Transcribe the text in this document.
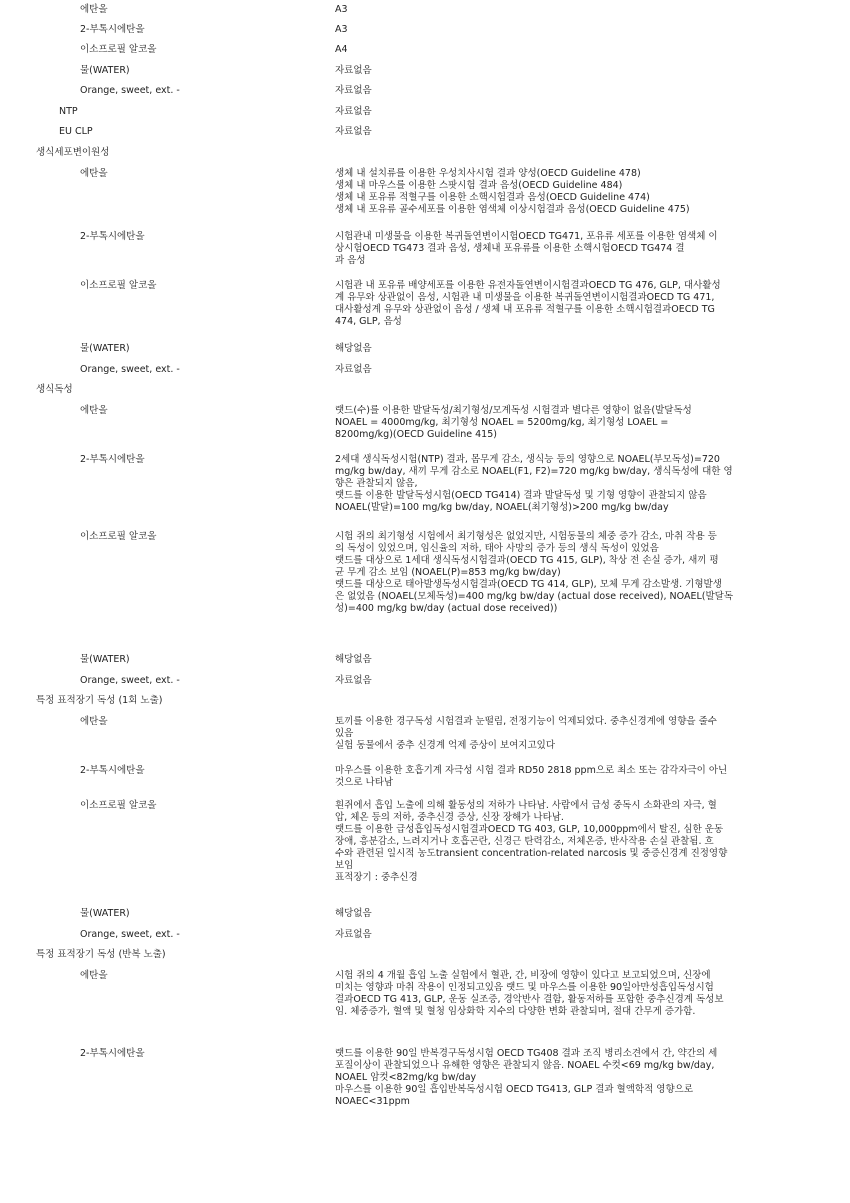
에탄올	A3
2-부톡시에탄올	A3
이소프로필 알코올	A4
물(WATER)	자료없음
Orange, sweet, ext. -	자료없음
NTP	자료없음
EU CLP	자료없음
생식세포변이원성
에탄올	생체 내 설치류를 이용한 우성치사시험 결과 양성(OECD Guideline 478)
생체 내 마우스를 이용한 스팟시험 결과 음성(OECD Guideline 484)
생체 내 포유류 적혈구를 이용한 소핵시험결과 음성(OECD Guideline 474)
생체 내 포유류 골수세포를 이용한 염색체 이상시험결과 음성(OECD Guideline 475)
2-부톡시에탄올	시험관내 미생물을 이용한 복귀돌연변이시험OECD TG471, 포유류 세포를 이용한 염색체 이
상시험OECD TG473 결과 음성, 생체내 포유류를 이용한 소핵시험OECD TG474 결
과 음성
이소프로필 알코올	시험관 내 포유류 배양세포를 이용한 유전자돌연변이시험결과OECD TG 476, GLP, 대사활성
계 유무와 상관없이 음성, 시험관 내 미생물을 이용한 복귀돌연변이시험결과OECD TG 471,
대사활성계 유무와 상관없이 음성 / 생체 내 포유류 적혈구를 이용한 소핵시험결과OECD TG
474, GLP, 음성
물(WATER)	해당없음
Orange, sweet, ext. -	자료없음
생식독성
에탄올	랫드(수)를 이용한 발달독성/최기형성/모계독성 시험결과 별다른 영향이 없음(발달독성
NOAEL = 4000mg/kg, 최기형성 NOAEL = 5200mg/kg, 최기형성 LOAEL =
8200mg/kg)(OECD Guideline 415)
2-부톡시에탄올	2세대 생식독성시험(NTP) 결과, 몸무게 감소, 생식능 등의 영향으로 NOAEL(부모독성)=720
mg/kg bw/day, 새끼 무게 감소로 NOAEL(F1, F2)=720 mg/kg bw/day, 생식독성에 대한 영
향은 관찰되지 않음,
랫드를 이용한 발달독성시험(OECD TG414) 결과 발달독성 및 기형 영향이 관찰되지 않음
NOAEL(발달)=100 mg/kg bw/day, NOAEL(최기형성)>200 mg/kg bw/day
이소프로필 알코올	시험 쥐의 최기형성 시험에서 최기형성은 없었지만, 시험동물의 체중 증가 감소, 마취 작용 등
의 독성이 있었으며, 임신율의 저하, 태아 사망의 증가 등의 생식 독성이 있었음
랫드를 대상으로 1세대 생식독성시험결과(OECD TG 415, GLP), 착상 전 손실 증가, 새끼 평
균 무게 감소 보임 (NOAEL(P)=853 mg/kg bw/day)
랫드를 대상으로 태아발생독성시험결과(OECD TG 414, GLP), 모체 무게 감소발생. 기형발생
은 없었음 (NOAEL(모체독성)=400 mg/kg bw/day (actual dose received), NOAEL(발달독
성)=400 mg/kg bw/day (actual dose received))
물(WATER)	해당없음
Orange, sweet, ext. -	자료없음
특정 표적장기 독성 (1회 노출)
에탄올	토끼를 이용한 경구독성 시험결과 눈떨림, 전정기능이 억제되었다. 중추신경계에 영향을 줄수
있음
실험 동물에서 중추 신경계 억제 증상이 보여지고있다
2-부톡시에탄올	마우스를 이용한 호흡기계 자극성 시험 결과 RD50 2818 ppm으로 최소 또는 감각자극이 아닌
것으로 나타남
이소프로필 알코올	흰쥐에서 흡입 노출에 의해 활동성의 저하가 나타남. 사람에서 급성 중독시 소화관의 자극, 혈
압, 체온 등의 저하, 중추신경 증상, 신장 장해가 나타남.
랫드를 이용한 급성흡입독성시험결과OECD TG 403, GLP, 10,000ppm에서 탈진, 심한 운동
장애, 흥분감소, 느려지거나 호흡곤란, 신경근 탄력감소, 저체온증, 반사작용 손실 관찰됨. 흐
수와 관련된 일시적 농도transient concentration-related narcosis 및 중증신경계 진정영향
보임
표적장기 : 중추신경
물(WATER)	해당없음
Orange, sweet, ext. -	자료없음
특정 표적장기 독성 (반복 노출)
에탄올	시험 쥐의 4 개월 흡입 노출 실험에서 혈관, 간, 비장에 영향이 있다고 보고되었으며, 신장에
미치는 영향과 마취 작용이 인정되고있음 랫드 및 마우스를 이용한 90일아만성흡입독성시험
결과OECD TG 413, GLP, 운동 실조증, 경악반사 결함, 활동저하를 포함한 중추신경계 독성보
임. 체중증가, 혈액 및 혈청 임상화학 지수의 다양한 변화 관찰되며, 절대 간무게 증가함.
2-부톡시에탄올	랫드를 이용한 90일 반복경구독성시험 OECD TG408 결과 조직 병리소견에서 간, 약간의 세
포질이상이 관찰되었으나 유해한 영향은 관찰되지 않음. NOAEL 수컷<69 mg/kg bw/day,
NOAEL 암컷<82mg/kg bw/day
마우스를 이용한 90일 흡입반복독성시험 OECD TG413, GLP 결과 혈액학적 영향으로
NOAEC<31ppm
